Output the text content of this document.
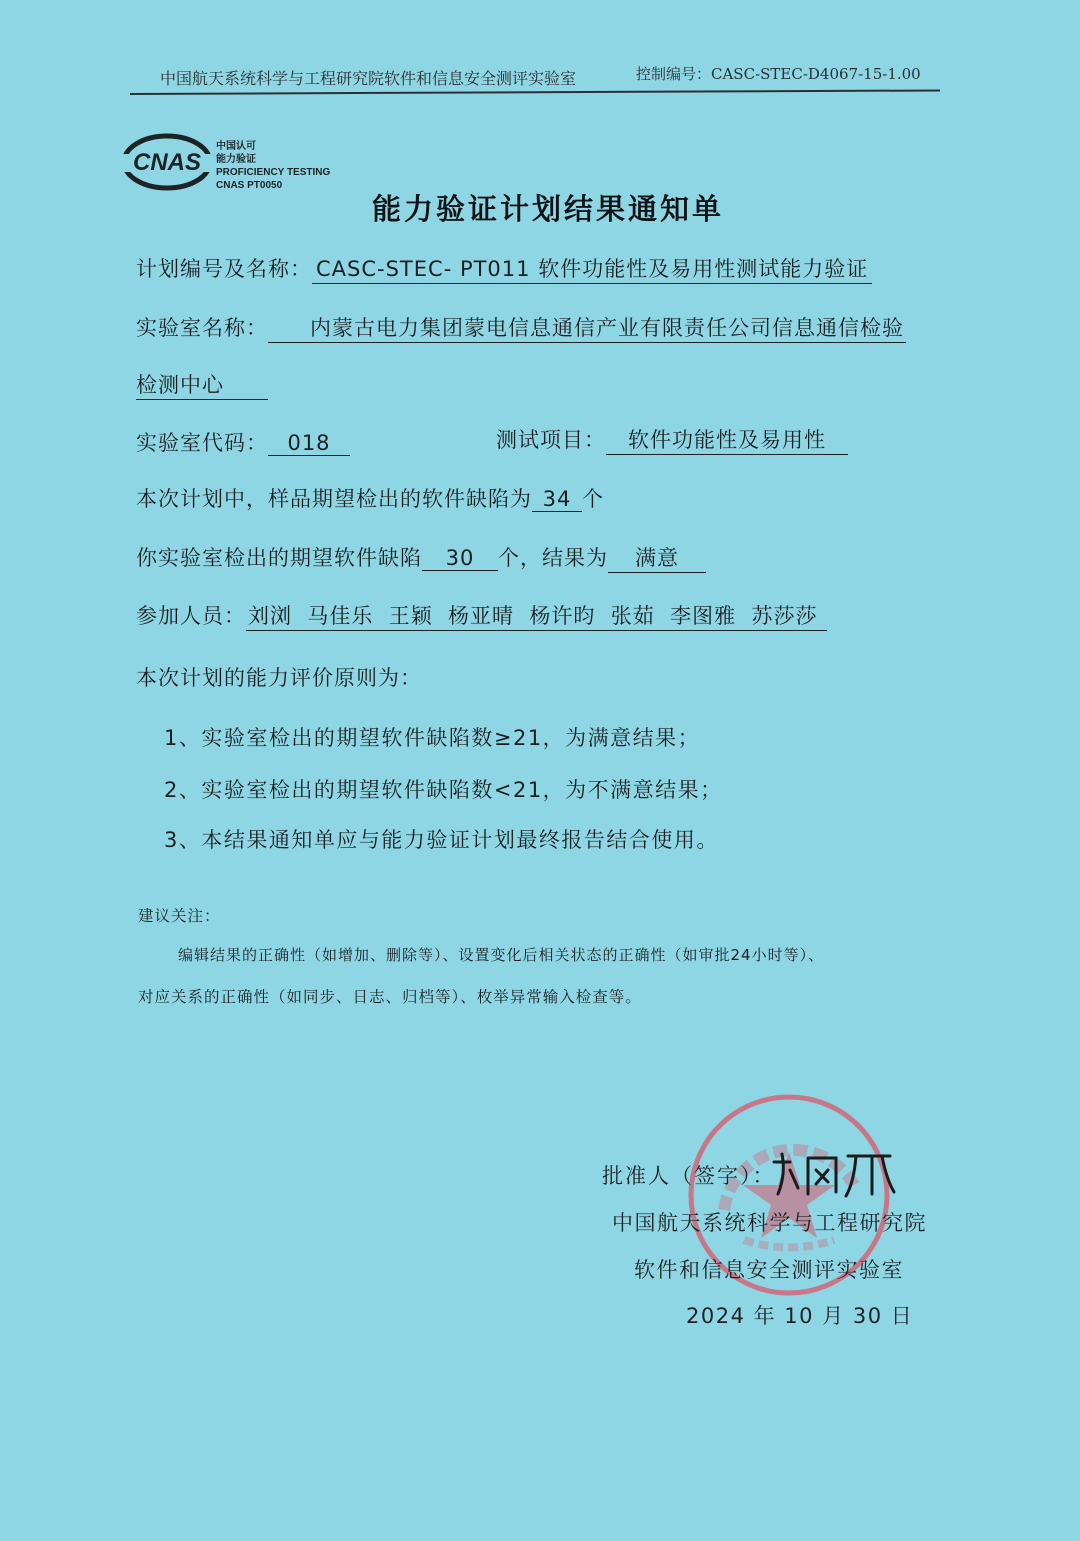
中国航天系统科学与工程研究院软件和信息安全测评实验室	控制编号：CASC-STEC-D4067-15-1.00
CNAS
中国认可
能力验证
PROFICIENCY TESTING
CNAS PT0050
能力验证计划结果通知单
计划编号及名称： CASC-STEC- PT011 软件功能性及易用性测试能力验证
实验室名称： 内蒙古电力集团蒙电信息通信产业有限责任公司信息通信检验
检测中心
实验室代码： 018	测试项目： 软件功能性及易用性
本次计划中，样品期望检出的软件缺陷为 34 个
你实验室检出的期望软件缺陷 30 个，结果为 满意
参加人员：刘浏  马佳乐  王颖  杨亚晴  杨许昀  张茹  李图雅  苏莎莎
本次计划的能力评价原则为：
1、实验室检出的期望软件缺陷数≥21，为满意结果；
2、实验室检出的期望软件缺陷数<21，为不满意结果；
3、本结果通知单应与能力验证计划最终报告结合使用。
建议关注：
编辑结果的正确性（如增加、删除等）、设置变化后相关状态的正确性（如审批24小时等）、
对应关系的正确性（如同步、日志、归档等）、枚举异常输入检查等。
批准人（签字）：
中国航天系统科学与工程研究院
软件和信息安全测评实验室
2024 年 10 月 30 日
